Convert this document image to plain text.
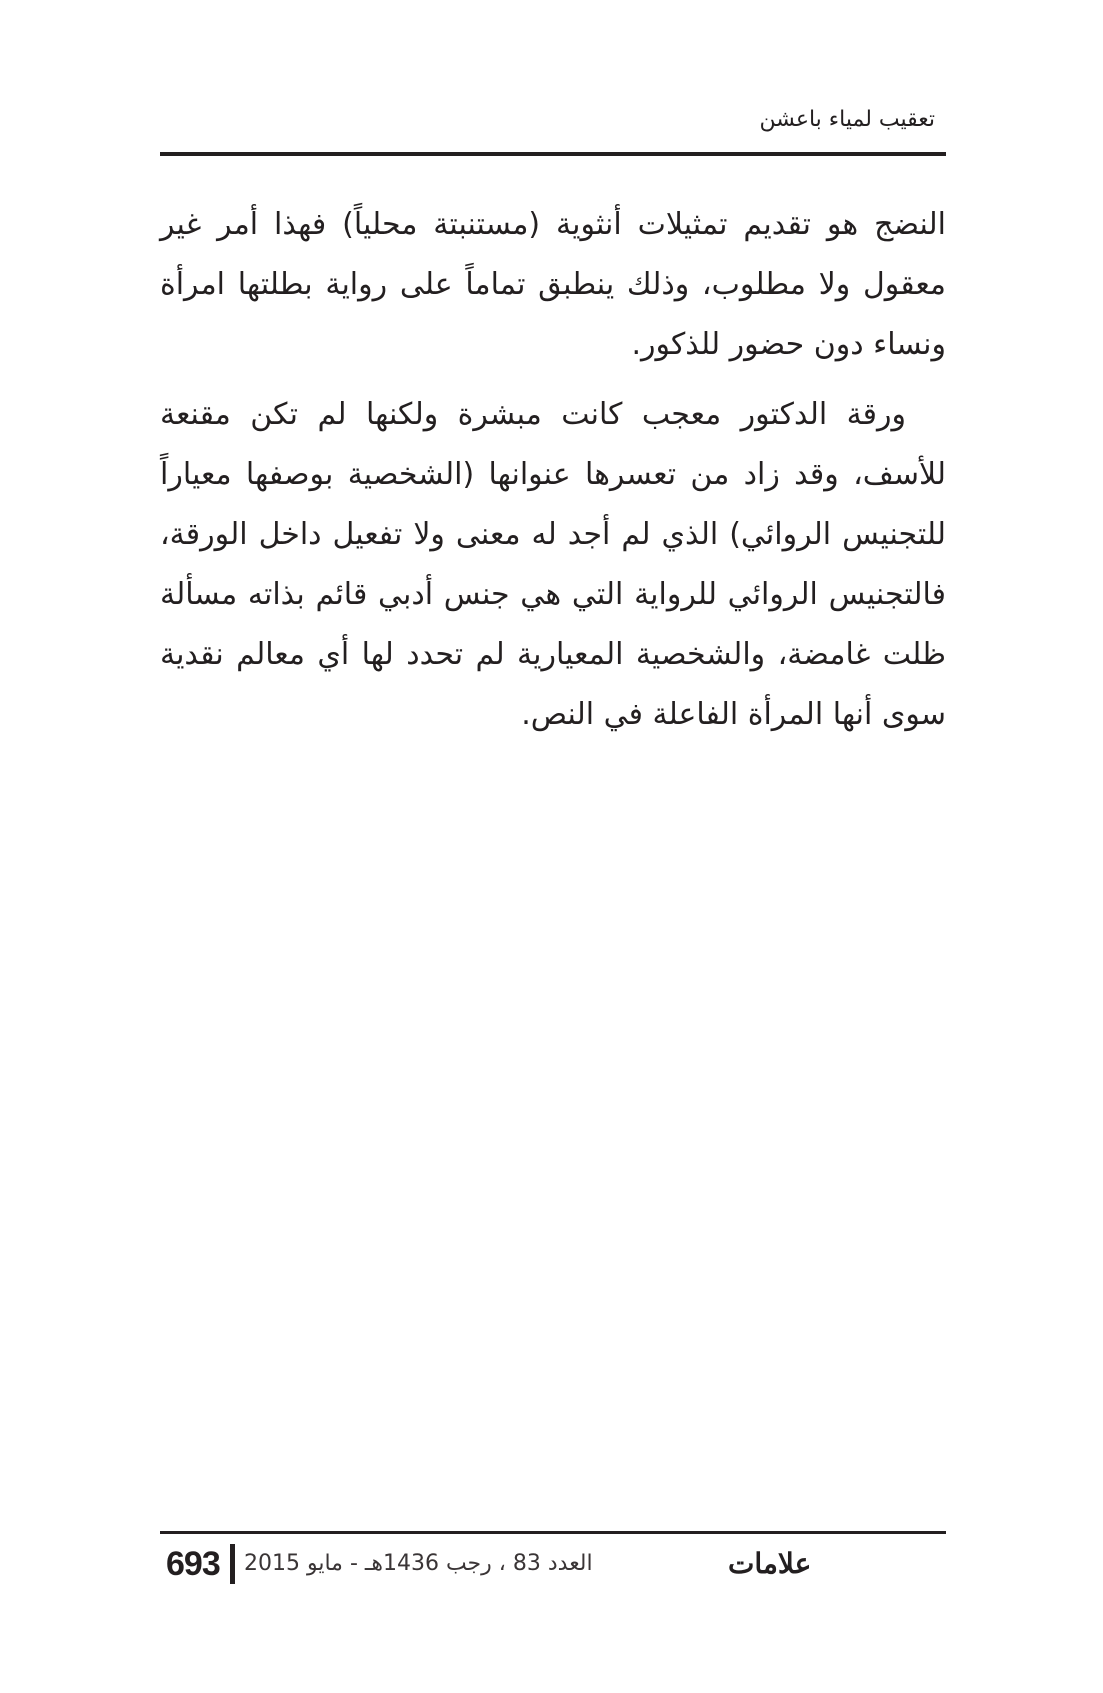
تعقيب لمياء باعشن

النضج هو تقديم تمثيلات أنثوية (مستنبتة محلياً) فهذا أمر غير معقول ولا مطلوب، وذلك ينطبق تماماً على رواية بطلتها امرأة ونساء دون حضور للذكور.

ورقة الدكتور معجب كانت مبشرة ولكنها لم تكن مقنعة للأسف، وقد زاد من تعسرها عنوانها (الشخصية بوصفها معياراً للتجنيس الروائي) الذي لم أجد له معنى ولا تفعيل داخل الورقة، فالتجنيس الروائي للرواية التي هي جنس أدبي قائم بذاته مسألة ظلت غامضة، والشخصية المعيارية لم تحدد لها أي معالم نقدية سوى أنها المرأة الفاعلة في النص.

693 العدد 83 ، رجب 1436هـ - مايو 2015	علامات
